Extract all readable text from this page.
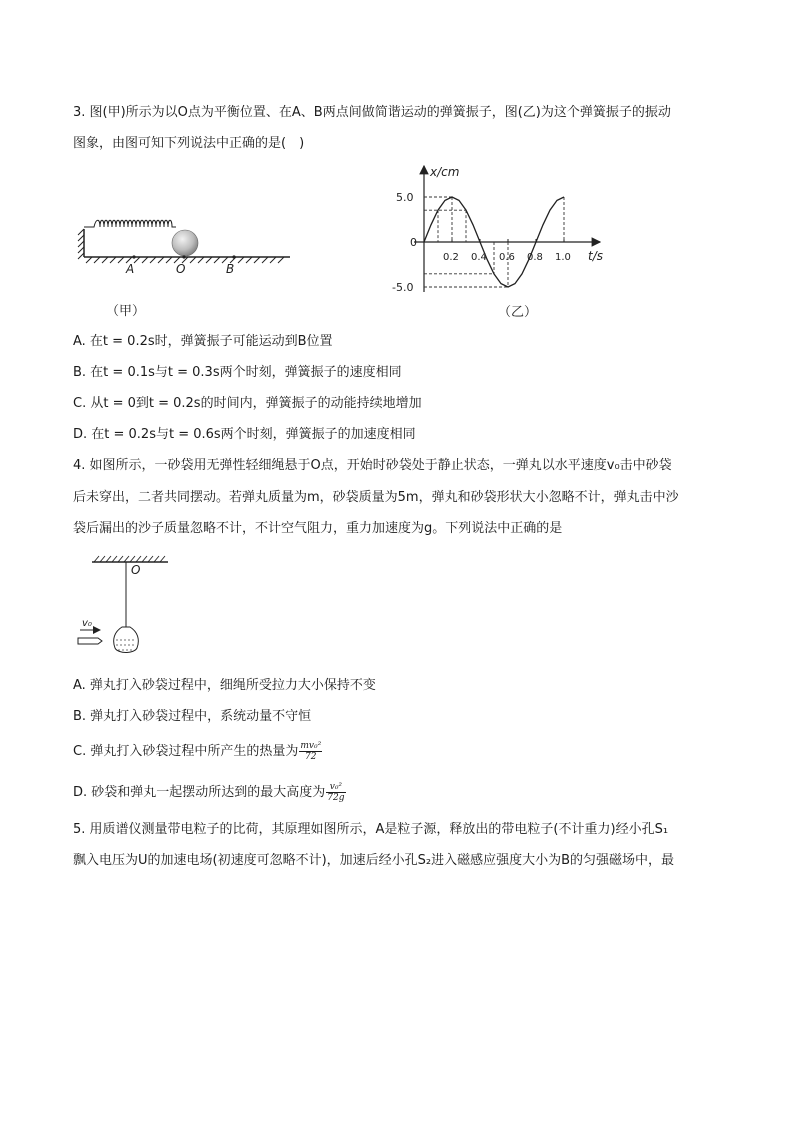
3. 图(甲)所示为以O点为平衡位置、在A、B两点间做简谐运动的弹簧振子，图(乙)为这个弹簧振子的振动
图象，由图可知下列说法中正确的是(　)
A	O	B
（甲）
x/cm
t/s
0
0.2 0.4 0.6 0.8 1.0
5.0
-5.0
（乙）
A. 在t = 0.2s时，弹簧振子可能运动到B位置
B. 在t = 0.1s与t = 0.3s两个时刻，弹簧振子的速度相同
C. 从t = 0到t = 0.2s的时间内，弹簧振子的动能持续地增加
D. 在t = 0.2s与t = 0.6s两个时刻，弹簧振子的加速度相同
4. 如图所示，一砂袋用无弹性轻细绳悬于O点，开始时砂袋处于静止状态，一弹丸以水平速度v₀击中砂袋
后未穿出，二者共同摆动。若弹丸质量为m，砂袋质量为5m，弹丸和砂袋形状大小忽略不计，弹丸击中沙
袋后漏出的沙子质量忽略不计，不计空气阻力，重力加速度为g。下列说法中正确的是
O
v₀
A. 弹丸打入砂袋过程中，细绳所受拉力大小保持不变
B. 弹丸打入砂袋过程中，系统动量不守恒
C. 弹丸打入砂袋过程中所产生的热量为 $\frac{\text{mv₀²}}{72}$
D. 砂袋和弹丸一起摆动所达到的最大高度为 $\frac{\text{v₀²}}{72g}$
5. 用质谱仪测量带电粒子的比荷，其原理如图所示，A是粒子源，释放出的带电粒子(不计重力)经小孔S₁
飘入电压为U的加速电场(初速度可忽略不计)，加速后经小孔S₂进入磁感应强度大小为B的匀强磁场中，最
